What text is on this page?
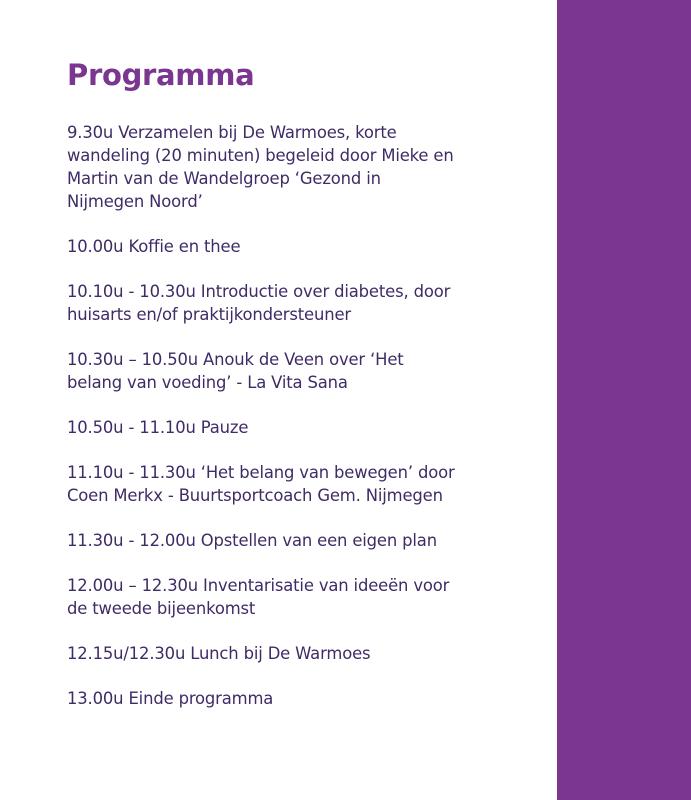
Programma
9.30u Verzamelen bij De Warmoes, korte
wandeling (20 minuten) begeleid door Mieke en
Martin van de Wandelgroep ‘Gezond in
Nijmegen Noord’
10.00u Koffie en thee
10.10u - 10.30u Introductie over diabetes, door
huisarts en/of praktijkondersteuner
10.30u – 10.50u Anouk de Veen over ‘Het
belang van voeding’ - La Vita Sana
10.50u - 11.10u Pauze
11.10u - 11.30u ‘Het belang van bewegen’ door
Coen Merkx - Buurtsportcoach Gem. Nijmegen
11.30u - 12.00u Opstellen van een eigen plan
12.00u – 12.30u Inventarisatie van ideeën voor
de tweede bijeenkomst
12.15u/12.30u Lunch bij De Warmoes
13.00u Einde programma
